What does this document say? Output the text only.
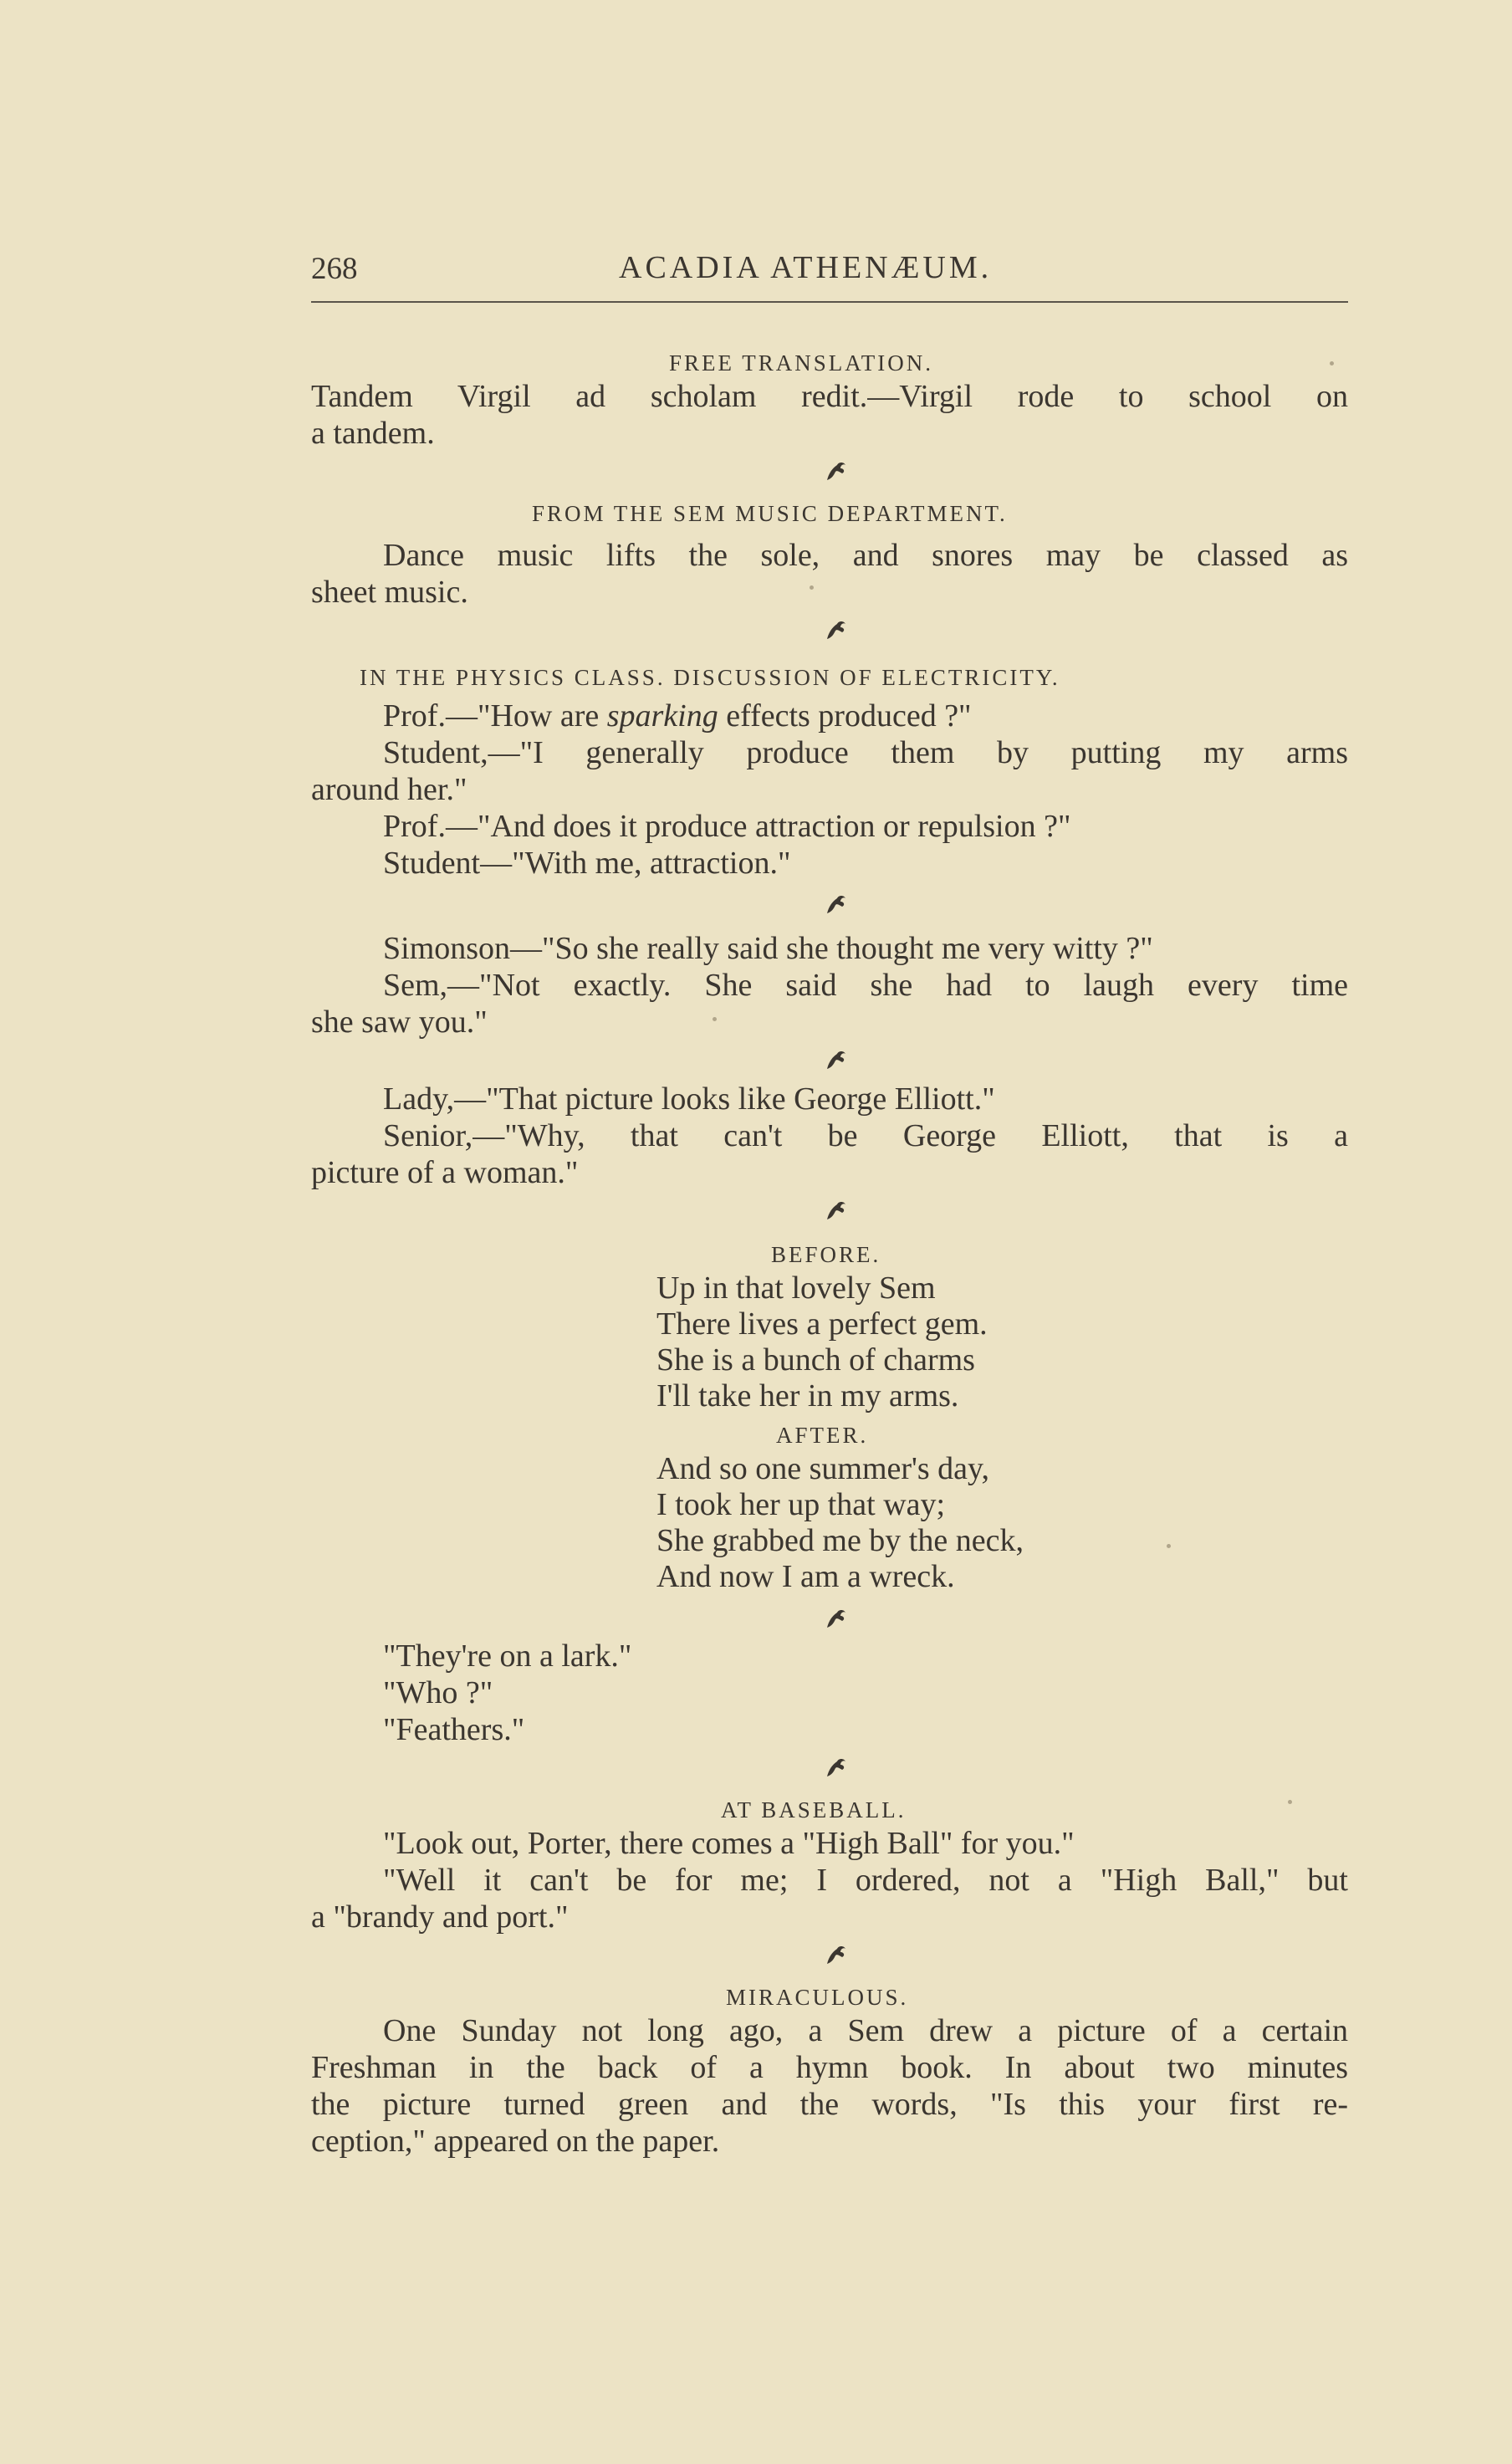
268	ACADIA ATHENÆUM.
FREE TRANSLATION.
Tandem Virgil ad scholam redit.—Virgil rode to school on
a tandem.
FROM THE SEM MUSIC DEPARTMENT.
Dance music lifts the sole, and snores may be classed as
sheet music.
IN THE PHYSICS CLASS. DISCUSSION OF ELECTRICITY.
Prof.—"How are sparking effects produced ?"
Student,—"I generally produce them by putting my arms
around her."
Prof.—"And does it produce attraction or repulsion ?"
Student—"With me, attraction."
Simonson—"So she really said she thought me very witty ?"
Sem,—"Not exactly. She said she had to laugh every time
she saw you."
Lady,—"That picture looks like George Elliott."
Senior,—"Why, that can't be George Elliott, that is a
picture of a woman."
BEFORE.
Up in that lovely Sem
There lives a perfect gem.
She is a bunch of charms
I'll take her in my arms.
AFTER.
And so one summer's day,
I took her up that way;
She grabbed me by the neck,
And now I am a wreck.
"They're on a lark."
"Who ?"
"Feathers."
AT BASEBALL.
"Look out, Porter, there comes a "High Ball" for you."
"Well it can't be for me; I ordered, not a "High Ball," but
a "brandy and port."
MIRACULOUS.
One Sunday not long ago, a Sem drew a picture of a certain
Freshman in the back of a hymn book. In about two minutes
the picture turned green and the words, "Is this your first re-
ception," appeared on the paper.
